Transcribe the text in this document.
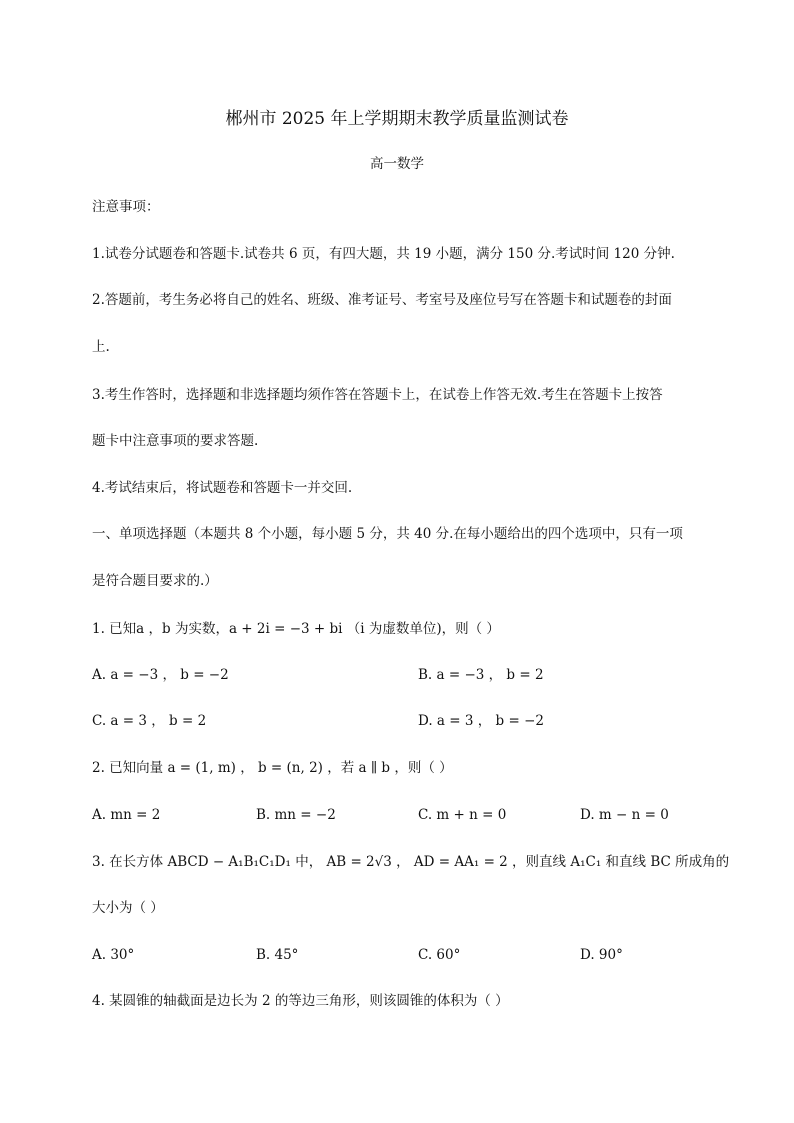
郴州市 2025 年上学期期末教学质量监测试卷
高一数学
注意事项：
1.试卷分试题卷和答题卡.试卷共 6 页，有四大题，共 19 小题，满分 150 分.考试时间 120 分钟.
2.答题前，考生务必将自己的姓名、班级、准考证号、考室号及座位号写在答题卡和试题卷的封面
上.
3.考生作答时，选择题和非选择题均须作答在答题卡上，在试卷上作答无效.考生在答题卡上按答
题卡中注意事项的要求答题.
4.考试结束后，将试题卷和答题卡一并交回.
一、单项选择题（本题共 8 个小题，每小题 5 分，共 40 分.在每小题给出的四个选项中，只有一项
是符合题目要求的.）
1. 已知a ，b 为实数，a + 2i = −3 + bi （i 为虚数单位)，则（ ）
A. a = −3 ， b = −2	B. a = −3 ， b = 2
C. a = 3 ， b = 2	D. a = 3 ， b = −2
2. 已知向量 a = (1, m) ， b = (n, 2) ，若 a ∥ b ，则（ ）
A. mn = 2	B. mn = −2	C. m + n = 0	D. m − n = 0
3. 在长方体 ABCD − A₁B₁C₁D₁ 中， AB = 2√3 ， AD = AA₁ = 2 ，则直线 A₁C₁ 和直线 BC 所成角的
大小为（ ）
A. 30°	B. 45°	C. 60°	D. 90°
4. 某圆锥的轴截面是边长为 2 的等边三角形，则该圆锥的体积为（ ）
